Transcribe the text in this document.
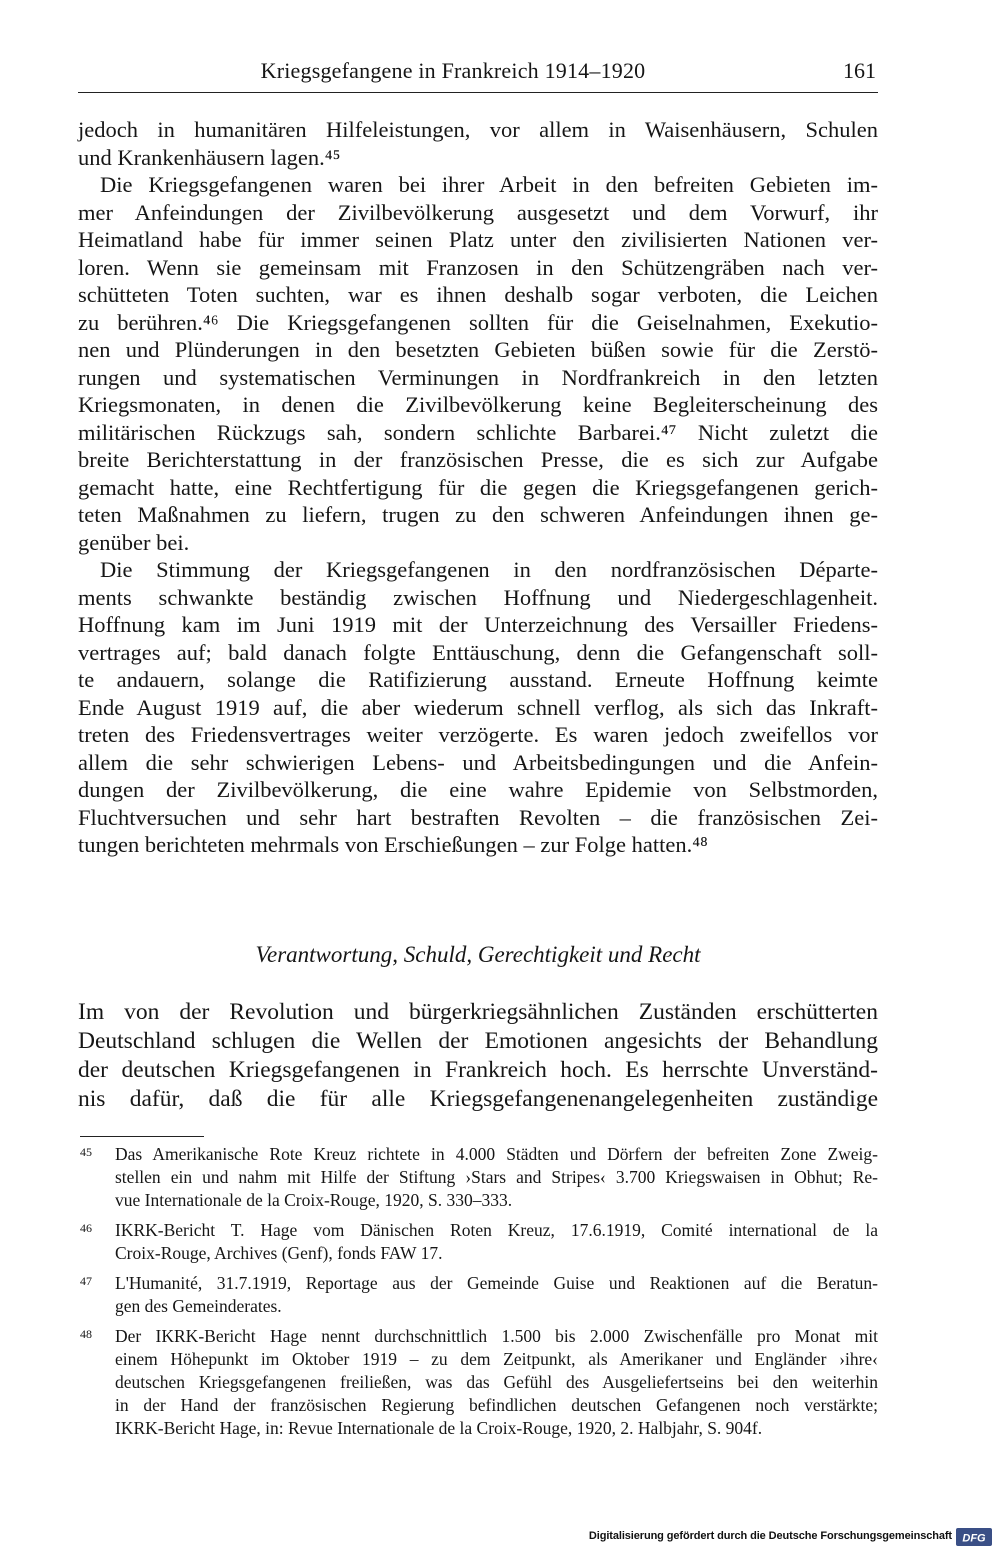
Kriegsgefangene in Frankreich 1914–1920	161
jedoch in humanitären Hilfeleistungen, vor allem in Waisenhäusern, Schulen
und Krankenhäusern lagen.⁴⁵
Die Kriegsgefangenen waren bei ihrer Arbeit in den befreiten Gebieten im-
mer Anfeindungen der Zivilbevölkerung ausgesetzt und dem Vorwurf, ihr
Heimatland habe für immer seinen Platz unter den zivilisierten Nationen ver-
loren. Wenn sie gemeinsam mit Franzosen in den Schützengräben nach ver-
schütteten Toten suchten, war es ihnen deshalb sogar verboten, die Leichen
zu berühren.⁴⁶ Die Kriegsgefangenen sollten für die Geiselnahmen, Exekutio-
nen und Plünderungen in den besetzten Gebieten büßen sowie für die Zerstö-
rungen und systematischen Verminungen in Nordfrankreich in den letzten
Kriegsmonaten, in denen die Zivilbevölkerung keine Begleiterscheinung des
militärischen Rückzugs sah, sondern schlichte Barbarei.⁴⁷ Nicht zuletzt die
breite Berichterstattung in der französischen Presse, die es sich zur Aufgabe
gemacht hatte, eine Rechtfertigung für die gegen die Kriegsgefangenen gerich-
teten Maßnahmen zu liefern, trugen zu den schweren Anfeindungen ihnen ge-
genüber bei.
Die Stimmung der Kriegsgefangenen in den nordfranzösischen Départe-
ments schwankte beständig zwischen Hoffnung und Niedergeschlagenheit.
Hoffnung kam im Juni 1919 mit der Unterzeichnung des Versailler Friedens-
vertrages auf; bald danach folgte Enttäuschung, denn die Gefangenschaft soll-
te andauern, solange die Ratifizierung ausstand. Erneute Hoffnung keimte
Ende August 1919 auf, die aber wiederum schnell verflog, als sich das Inkraft-
treten des Friedensvertrages weiter verzögerte. Es waren jedoch zweifellos vor
allem die sehr schwierigen Lebens- und Arbeitsbedingungen und die Anfein-
dungen der Zivilbevölkerung, die eine wahre Epidemie von Selbstmorden,
Fluchtversuchen und sehr hart bestraften Revolten – die französischen Zei-
tungen berichteten mehrmals von Erschießungen – zur Folge hatten.⁴⁸
Verantwortung, Schuld, Gerechtigkeit und Recht
Im von der Revolution und bürgerkriegsähnlichen Zuständen erschütterten
Deutschland schlugen die Wellen der Emotionen angesichts der Behandlung
der deutschen Kriegsgefangenen in Frankreich hoch. Es herrschte Unverständ-
nis dafür, daß die für alle Kriegsgefangenenangelegenheiten zuständige
45 Das Amerikanische Rote Kreuz richtete in 4.000 Städten und Dörfern der befreiten Zone Zweig-
stellen ein und nahm mit Hilfe der Stiftung ›Stars and Stripes‹ 3.700 Kriegswaisen in Obhut; Re-
vue Internationale de la Croix-Rouge, 1920, S. 330–333.
46 IKRK-Bericht T. Hage vom Dänischen Roten Kreuz, 17.6.1919, Comité international de la
Croix-Rouge, Archives (Genf), fonds FAW 17.
47 L'Humanité, 31.7.1919, Reportage aus der Gemeinde Guise und Reaktionen auf die Beratun-
gen des Gemeinderates.
48 Der IKRK-Bericht Hage nennt durchschnittlich 1.500 bis 2.000 Zwischenfälle pro Monat mit
einem Höhepunkt im Oktober 1919 – zu dem Zeitpunkt, als Amerikaner und Engländer ›ihre‹
deutschen Kriegsgefangenen freiließen, was das Gefühl des Ausgeliefertseins bei den weiterhin
in der Hand der französischen Regierung befindlichen deutschen Gefangenen noch verstärkte;
IKRK-Bericht Hage, in: Revue Internationale de la Croix-Rouge, 1920, 2. Halbjahr, S. 904f.
Digitalisierung gefördert durch die Deutsche Forschungsgemeinschaft DFG
